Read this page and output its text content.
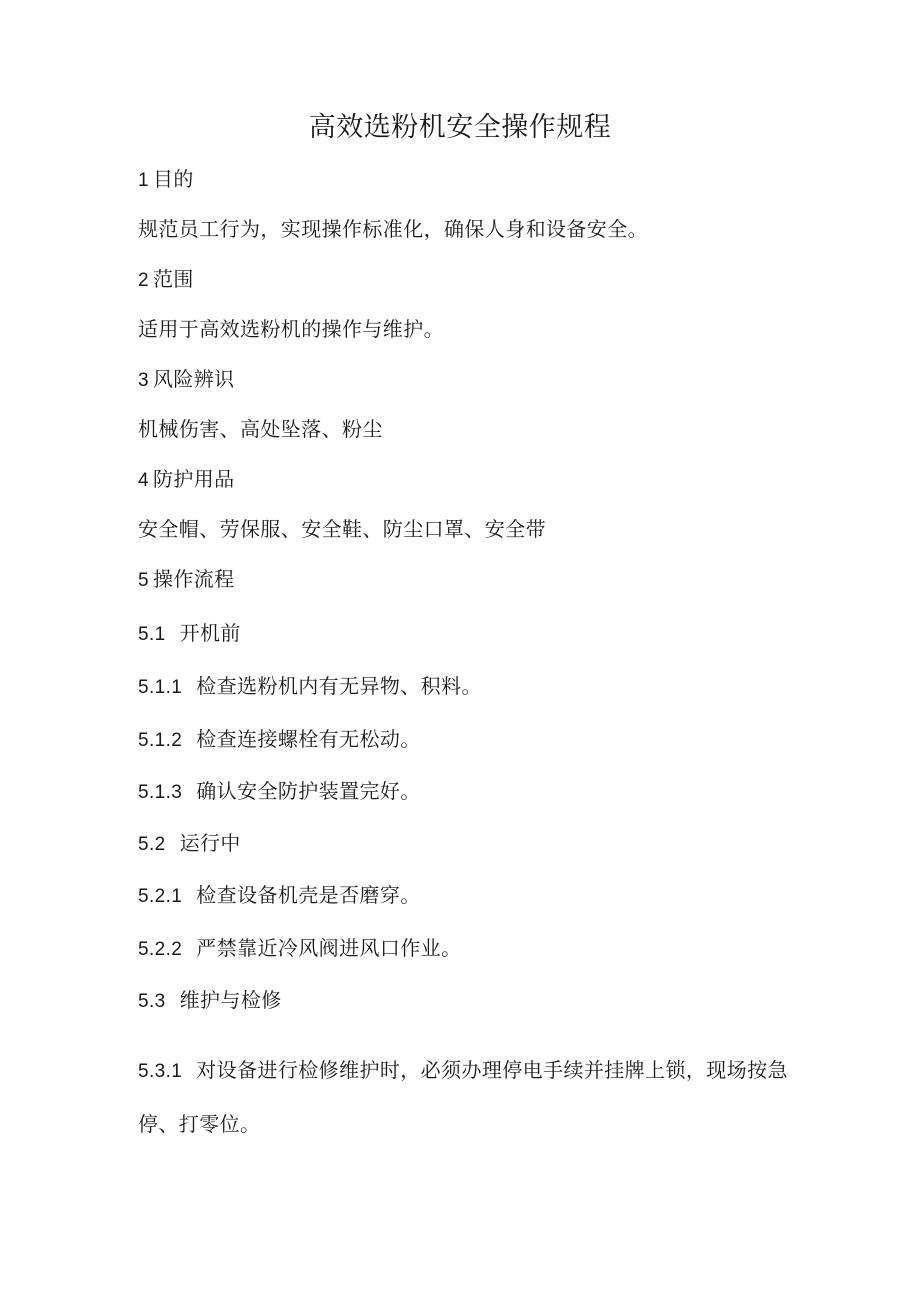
高效选粉机安全操作规程

1 目的

规范员工行为，实现操作标准化，确保人身和设备安全。

2 范围

适用于高效选粉机的操作与维护。

3 风险辨识

机械伤害、高处坠落、粉尘

4 防护用品

安全帽、劳保服、安全鞋、防尘口罩、安全带

5 操作流程

5.1 开机前

5.1.1 检查选粉机内有无异物、积料。

5.1.2 检查连接螺栓有无松动。

5.1.3 确认安全防护装置完好。

5.2 运行中

5.2.1 检查设备机壳是否磨穿。

5.2.2 严禁靠近冷风阀进风口作业。

5.3 维护与检修

5.3.1 对设备进行检修维护时，必须办理停电手续并挂牌上锁，现场按急停、打零位。
